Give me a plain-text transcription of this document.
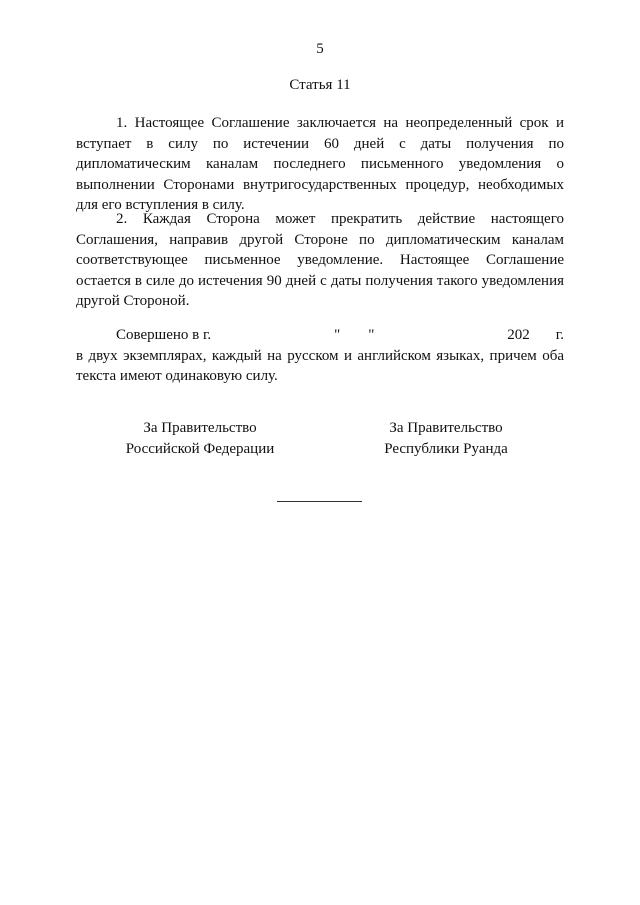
5
Статья 11

1. Настоящее Соглашение заключается на неопределенный срок и вступает в силу по истечении 60 дней с даты получения по дипломатическим каналам последнего письменного уведомления о выполнении Сторонами внутригосударственных процедур, необходимых для его вступления в силу.

2. Каждая Сторона может прекратить действие настоящего Соглашения, направив другой Стороне по дипломатическим каналам соответствующее письменное уведомление. Настоящее Соглашение остается в силе до истечения 90 дней с даты получения такого уведомления другой Стороной.

Совершено в г.	" "	202 г.
в двух экземплярах, каждый на русском и английском языках, причем оба текста имеют одинаковую силу.
За Правительство
Российской Федерации
За Правительство
Республики Руанда
